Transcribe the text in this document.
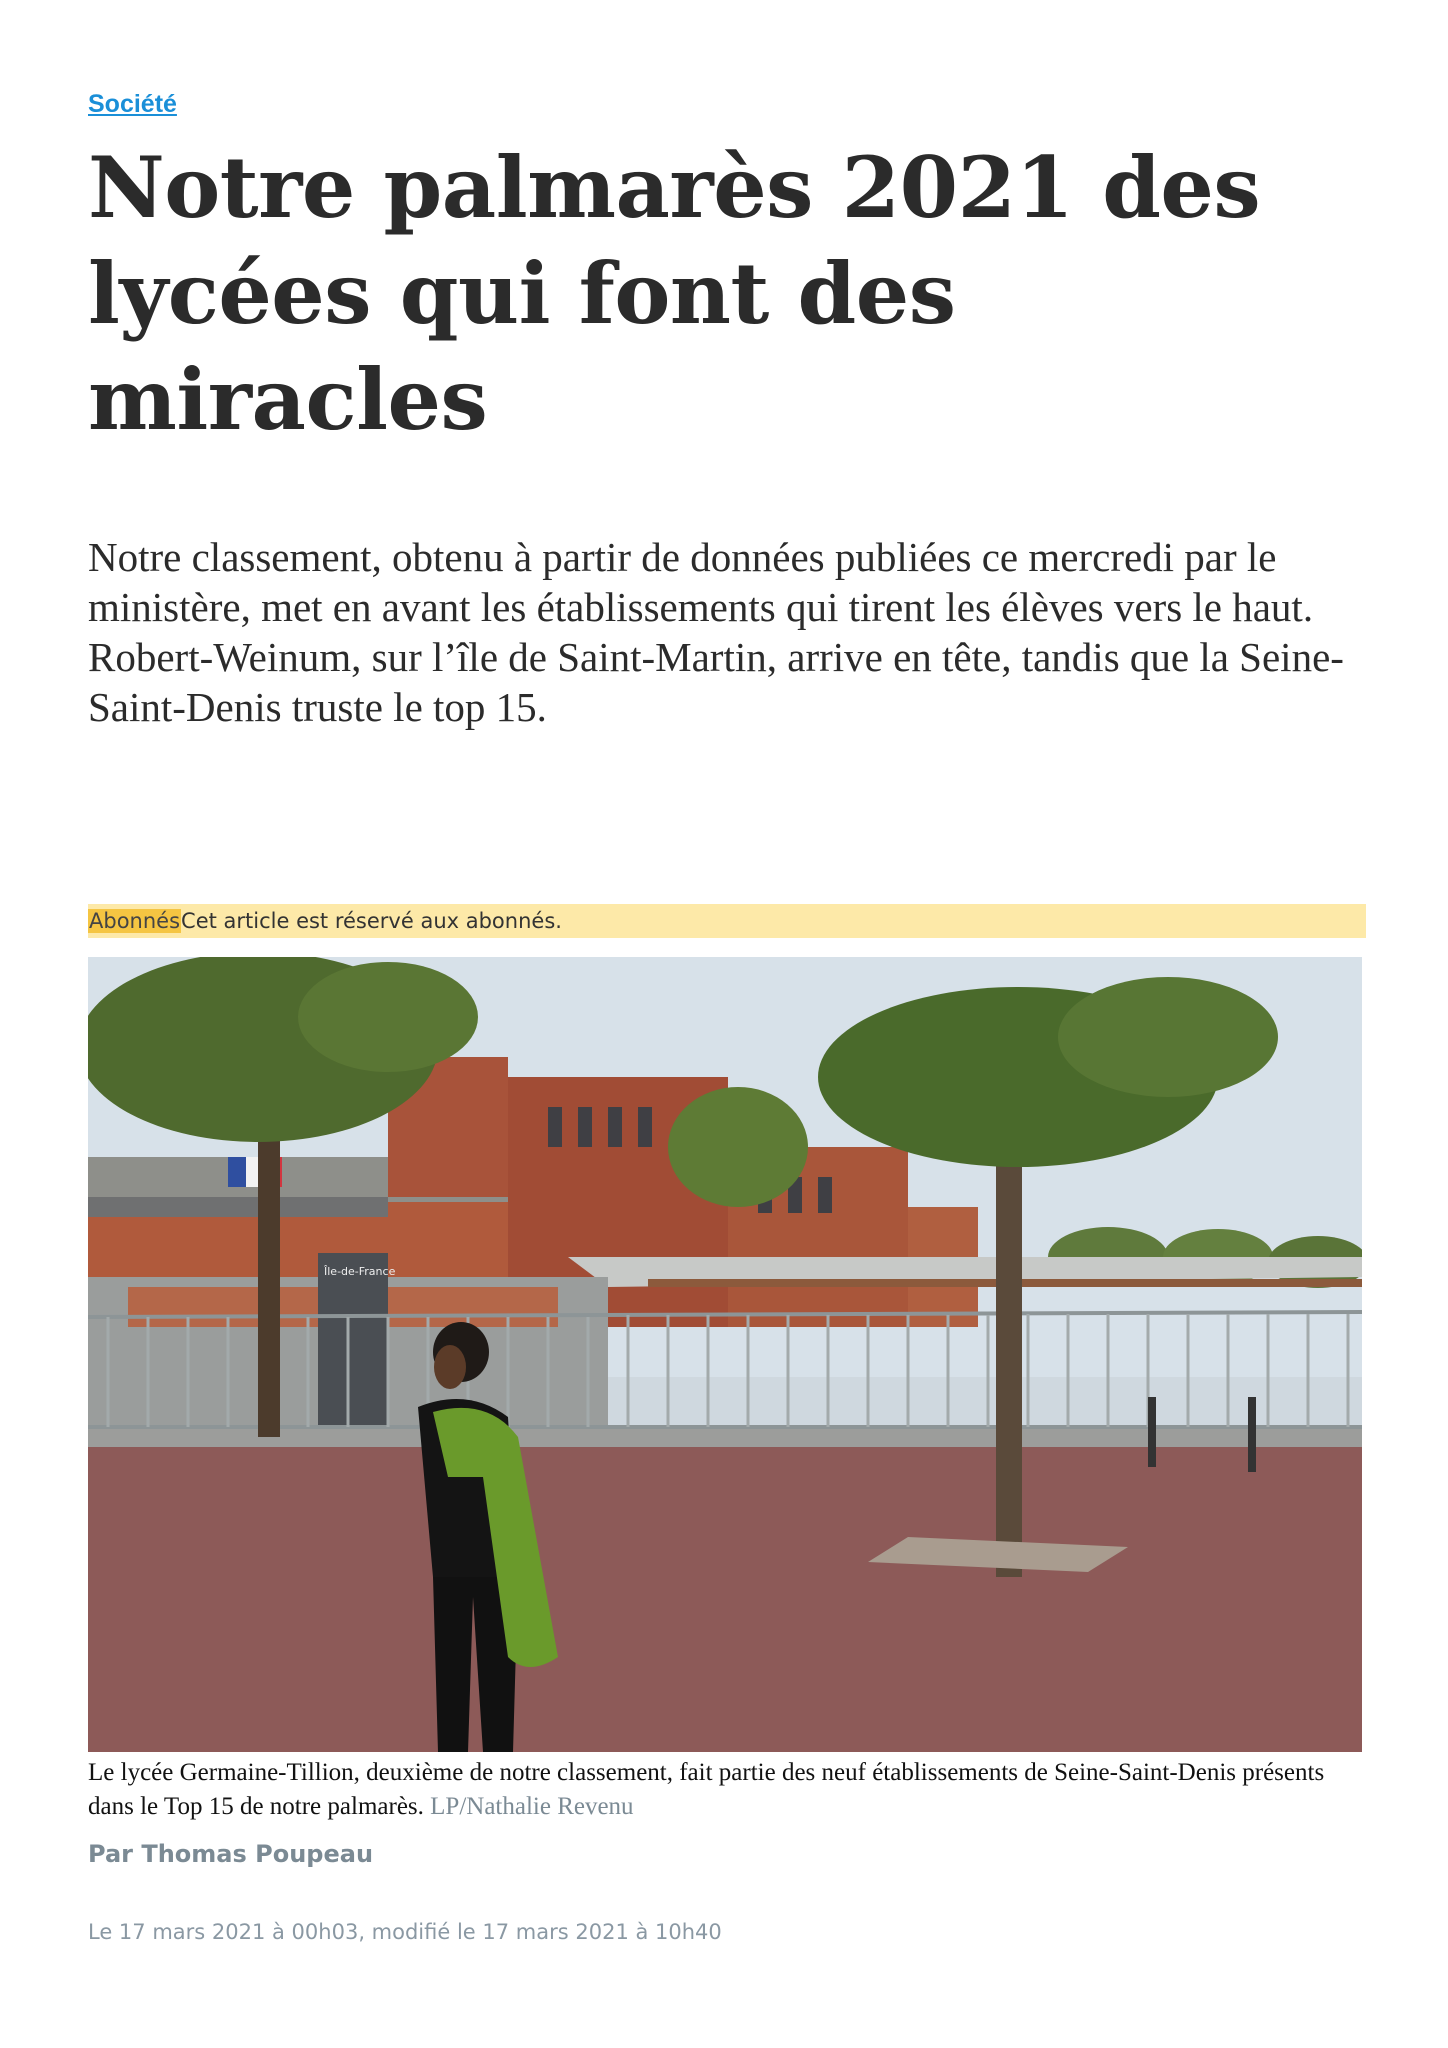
Société
Notre palmarès 2021 des lycées qui font des miracles

Notre classement, obtenu à partir de données publiées ce mercredi par le ministère, met en avant les établissements qui tirent les élèves vers le haut. Robert-Weinum, sur l’île de Saint-Martin, arrive en tête, tandis que la Seine-Saint-Denis truste le top 15.

AbonnésCet article est réservé aux abonnés.
Île-de-France

Le lycée Germaine-Tillion, deuxième de notre classement, fait partie des neuf établissements de Seine-Saint-Denis présents dans le Top 15 de notre palmarès. LP/Nathalie Revenu

Par Thomas Poupeau
Le 17 mars 2021 à 00h03, modifié le 17 mars 2021 à 10h40
